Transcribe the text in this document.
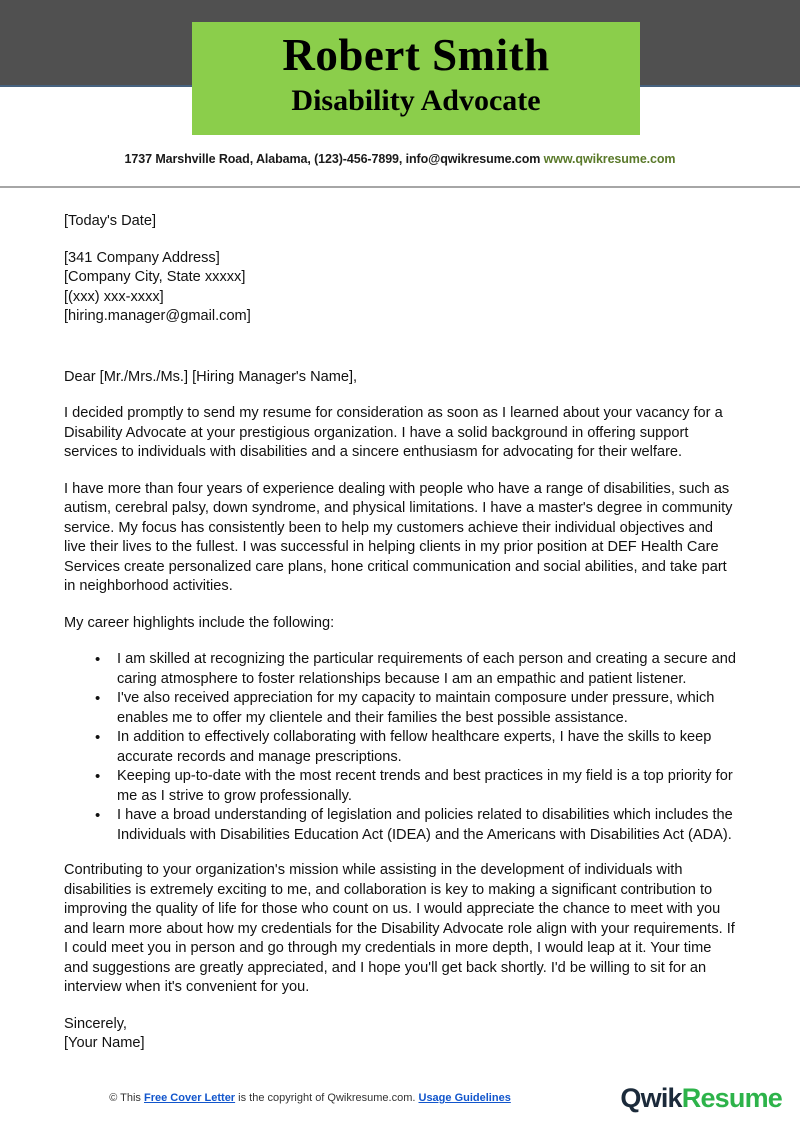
Robert Smith
Disability Advocate
1737 Marshville Road, Alabama, (123)-456-7899, info@qwikresume.com www.qwikresume.com
[Today's Date]
[341 Company Address]
[Company City, State xxxxx]
[(xxx) xxx-xxxx]
[hiring.manager@gmail.com]
Dear [Mr./Mrs./Ms.] [Hiring Manager's Name],

I decided promptly to send my resume for consideration as soon as I learned about your vacancy for a Disability Advocate at your prestigious organization. I have a solid background in offering support services to individuals with disabilities and a sincere enthusiasm for advocating for their welfare.

I have more than four years of experience dealing with people who have a range of disabilities, such as autism, cerebral palsy, down syndrome, and physical limitations. I have a master's degree in community service. My focus has consistently been to help my customers achieve their individual objectives and live their lives to the fullest. I was successful in helping clients in my prior position at DEF Health Care Services create personalized care plans, hone critical communication and social abilities, and take part in neighborhood activities.

My career highlights include the following:

• I am skilled at recognizing the particular requirements of each person and creating a secure and caring atmosphere to foster relationships because I am an empathic and patient listener.
• I've also received appreciation for my capacity to maintain composure under pressure, which enables me to offer my clientele and their families the best possible assistance.
• In addition to effectively collaborating with fellow healthcare experts, I have the skills to keep accurate records and manage prescriptions.
• Keeping up-to-date with the most recent trends and best practices in my field is a top priority for me as I strive to grow professionally.
• I have a broad understanding of legislation and policies related to disabilities which includes the Individuals with Disabilities Education Act (IDEA) and the Americans with Disabilities Act (ADA).

Contributing to your organization's mission while assisting in the development of individuals with disabilities is extremely exciting to me, and collaboration is key to making a significant contribution to improving the quality of life for those who count on us. I would appreciate the chance to meet with you and learn more about how my credentials for the Disability Advocate role align with your requirements. If I could meet you in person and go through my credentials in more depth, I would leap at it. Your time and suggestions are greatly appreciated, and I hope you'll get back shortly. I'd be willing to sit for an interview when it's convenient for you.

Sincerely,
[Your Name]
© This Free Cover Letter is the copyright of Qwikresume.com. Usage Guidelines	QwikResume
